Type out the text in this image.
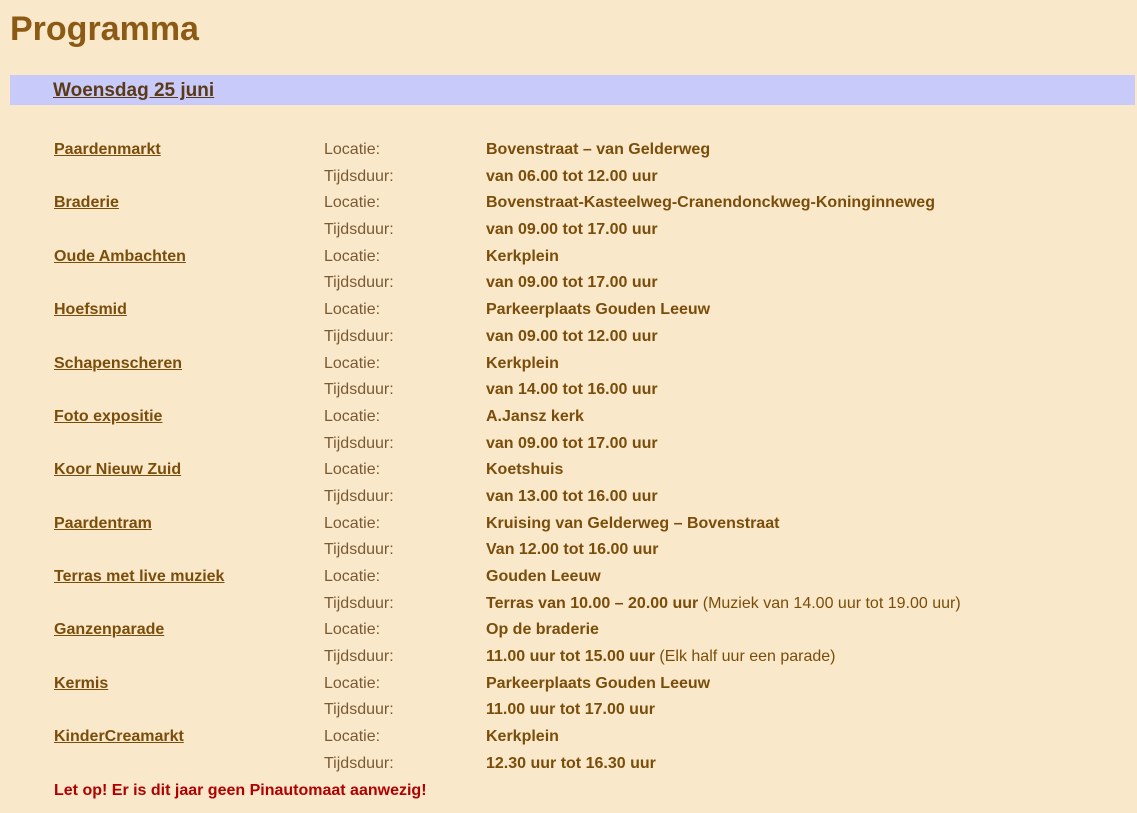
Programma
Woensdag 25 juni
Paardenmarkt	Locatie:	Bovenstraat – van Gelderweg
Tijdsduur:	van 06.00 tot 12.00 uur
Braderie	Locatie:	Bovenstraat-Kasteelweg-Cranendonckweg-Koninginneweg
Tijdsduur:	van 09.00 tot 17.00 uur
Oude Ambachten	Locatie:	Kerkplein
Tijdsduur:	van 09.00 tot 17.00 uur
Hoefsmid	Locatie:	Parkeerplaats Gouden Leeuw
Tijdsduur:	van 09.00 tot 12.00 uur
Schapenscheren	Locatie:	Kerkplein
Tijdsduur:	van 14.00 tot 16.00 uur
Foto expositie	Locatie:	A.Jansz kerk
Tijdsduur:	van 09.00 tot 17.00 uur
Koor Nieuw Zuid	Locatie:	Koetshuis
Tijdsduur:	van 13.00 tot 16.00 uur
Paardentram	Locatie:	Kruising van Gelderweg – Bovenstraat
Tijdsduur:	Van 12.00 tot 16.00 uur
Terras met live muziek	Locatie:	Gouden Leeuw
Tijdsduur:	Terras van 10.00 – 20.00 uur (Muziek van 14.00 uur tot 19.00 uur)
Ganzenparade	Locatie:	Op de braderie
Tijdsduur:	11.00 uur tot 15.00 uur (Elk half uur een parade)
Kermis	Locatie:	Parkeerplaats Gouden Leeuw
Tijdsduur:	11.00 uur tot 17.00 uur
KinderCreamarkt	Locatie:	Kerkplein
Tijdsduur:	12.30 uur tot 16.30 uur
Let op! Er is dit jaar geen Pinautomaat aanwezig!
